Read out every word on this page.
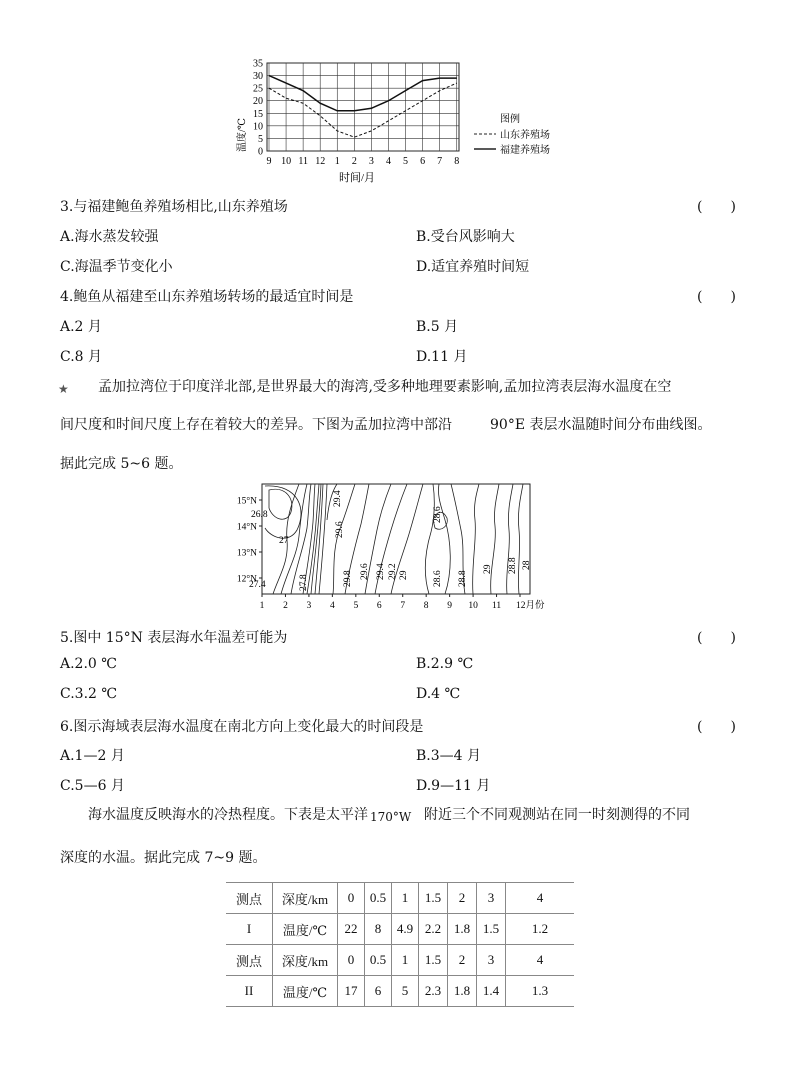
35
30
25
20
15
10
5
0
9 10 11 12 1 2 3 4 5 6 7 8
温度/℃
时间/月
图例
山东养殖场
福建养殖场
3.与福建鲍鱼养殖场相比,山东养殖场	(　　)
A.海水蒸发较强	B.受台风影响大
C.海温季节变化小	D.适宜养殖时间短
4.鲍鱼从福建至山东养殖场转场的最适宜时间是	(　　)
A.2 月	B.5 月
C.8 月	D.11 月
★ 孟加拉湾位于印度洋北部,是世界最大的海湾,受多种地理要素影响,孟加拉湾表层海水温度在空
间尺度和时间尺度上存在着较大的差异。下图为孟加拉湾中部沿	90°E 表层水温随时间分布曲线图。
据此完成 5~6 题。
15°N
14°N
13°N
12°N
1 2 3 4 5 6 7 8 9 10 11 12月份
26.8
27
27.4	27.8
29.4
29.6
29.8 29.6 29.4 29.2 29
28.6
28.6 28.8
29 28.8 28
5.图中 15°N 表层海水年温差可能为	(　　)
A.2.0 ℃	B.2.9 ℃
C.3.2 ℃	D.4 ℃
6.图示海域表层海水温度在南北方向上变化最大的时间段是	(　　)
A.1—2 月	B.3—4 月
C.5—6 月	D.9—11 月
海水温度反映海水的冷热程度。下表是太平洋 170°W 附近三个不同观测站在同一时刻测得的不同
深度的水温。据此完成 7~9 题。
测点	深度/km	0	0.5	1	1.5	2	3	4
I	温度/℃	22	8	4.9	2.2	1.8	1.5	1.2
测点	深度/km	0	0.5	1	1.5	2	3	4
II	温度/℃	17	6	5	2.3	1.8	1.4	1.3
